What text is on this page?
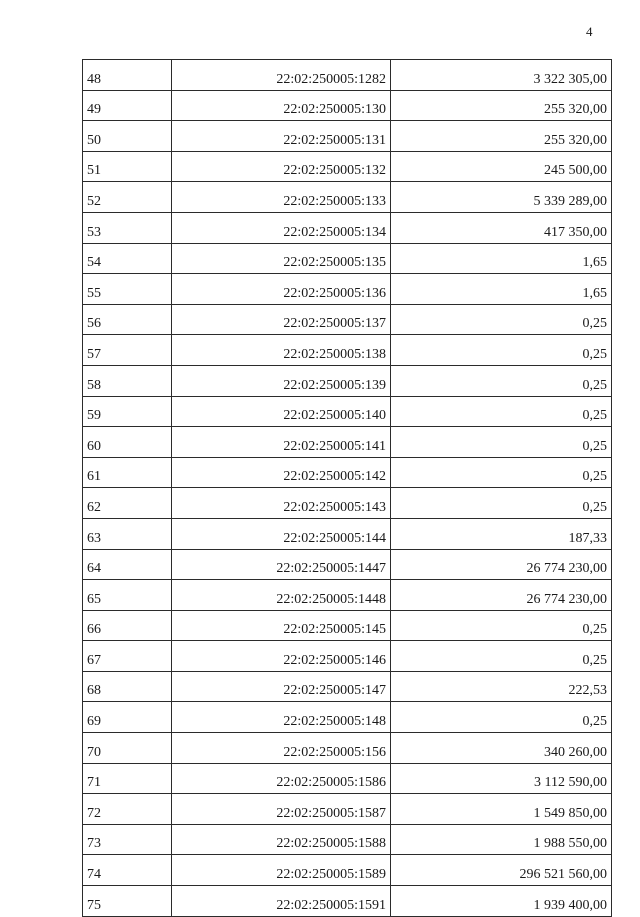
4
48	22:02:250005:1282	3 322 305,00
49	22:02:250005:130	255 320,00
50	22:02:250005:131	255 320,00
51	22:02:250005:132	245 500,00
52	22:02:250005:133	5 339 289,00
53	22:02:250005:134	417 350,00
54	22:02:250005:135	1,65
55	22:02:250005:136	1,65
56	22:02:250005:137	0,25
57	22:02:250005:138	0,25
58	22:02:250005:139	0,25
59	22:02:250005:140	0,25
60	22:02:250005:141	0,25
61	22:02:250005:142	0,25
62	22:02:250005:143	0,25
63	22:02:250005:144	187,33
64	22:02:250005:1447	26 774 230,00
65	22:02:250005:1448	26 774 230,00
66	22:02:250005:145	0,25
67	22:02:250005:146	0,25
68	22:02:250005:147	222,53
69	22:02:250005:148	0,25
70	22:02:250005:156	340 260,00
71	22:02:250005:1586	3 112 590,00
72	22:02:250005:1587	1 549 850,00
73	22:02:250005:1588	1 988 550,00
74	22:02:250005:1589	296 521 560,00
75	22:02:250005:1591	1 939 400,00
